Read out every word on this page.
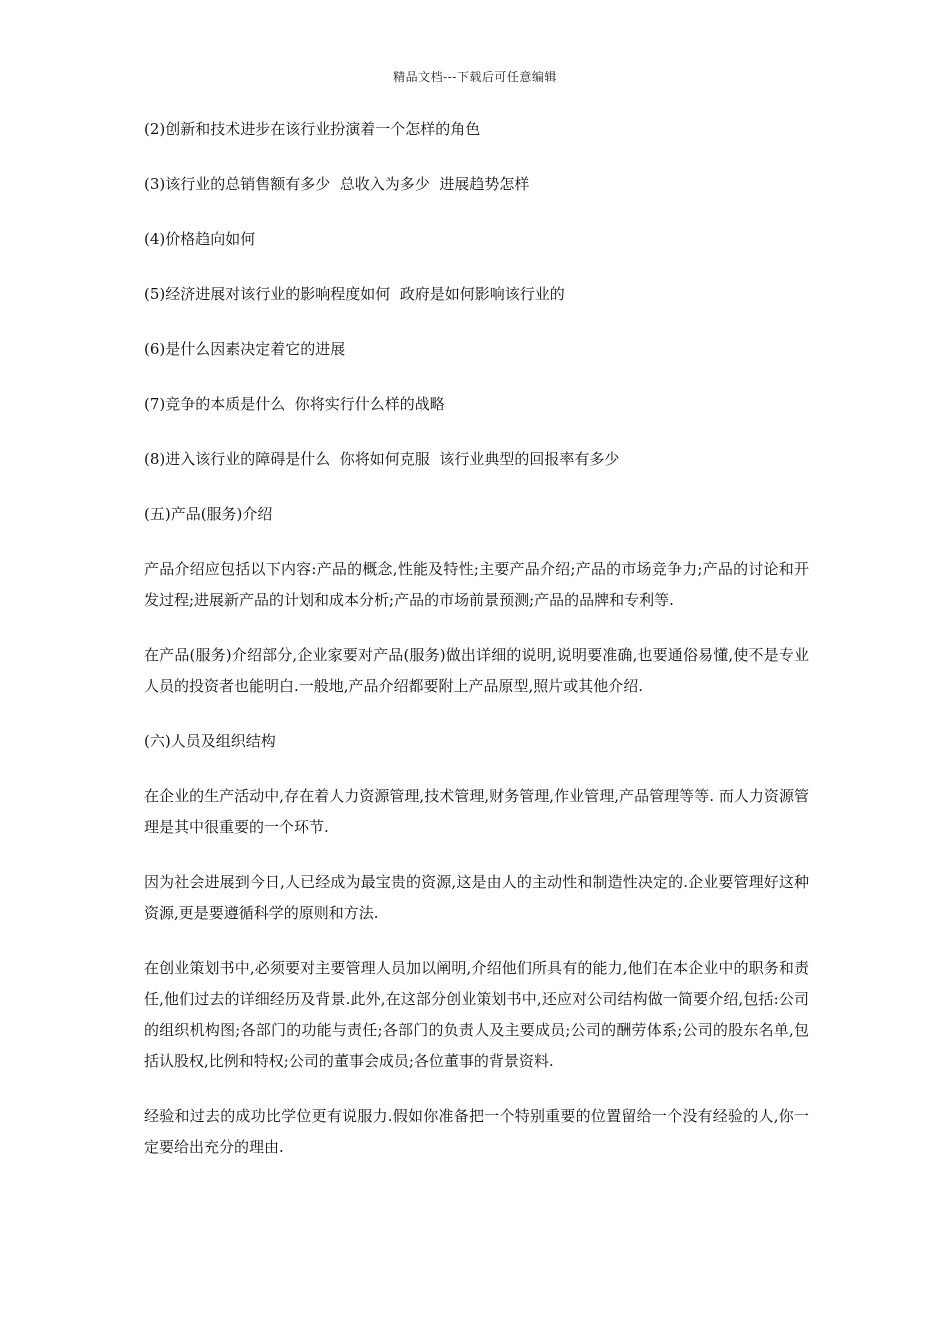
精品文档---下载后可任意编辑

(2)创新和技术进步在该行业扮演着一个怎样的角色

(3)该行业的总销售额有多少  总收入为多少  进展趋势怎样

(4)价格趋向如何

(5)经济进展对该行业的影响程度如何  政府是如何影响该行业的

(6)是什么因素决定着它的进展

(7)竞争的本质是什么  你将实行什么样的战略

(8)进入该行业的障碍是什么  你将如何克服  该行业典型的回报率有多少

(五)产品(服务)介绍

产品介绍应包括以下内容:产品的概念,性能及特性;主要产品介绍;产品的市场竞争力;产品的讨论和开发过程;进展新产品的计划和成本分析;产品的市场前景预测;产品的品牌和专利等.

在产品(服务)介绍部分,企业家要对产品(服务)做出详细的说明,说明要准确,也要通俗易懂,使不是专业人员的投资者也能明白.一般地,产品介绍都要附上产品原型,照片或其他介绍.

(六)人员及组织结构

在企业的生产活动中,存在着人力资源管理,技术管理,财务管理,作业管理,产品管理等等. 而人力资源管理是其中很重要的一个环节.

因为社会进展到今日,人已经成为最宝贵的资源,这是由人的主动性和制造性决定的.企业要管理好这种资源,更是要遵循科学的原则和方法.

在创业策划书中,必须要对主要管理人员加以阐明,介绍他们所具有的能力,他们在本企业中的职务和责任,他们过去的详细经历及背景.此外,在这部分创业策划书中,还应对公司结构做一简要介绍,包括:公司的组织机构图;各部门的功能与责任;各部门的负责人及主要成员;公司的酬劳体系;公司的股东名单,包括认股权,比例和特权;公司的董事会成员;各位董事的背景资料.

经验和过去的成功比学位更有说服力.假如你准备把一个特别重要的位置留给一个没有经验的人,你一定要给出充分的理由.
